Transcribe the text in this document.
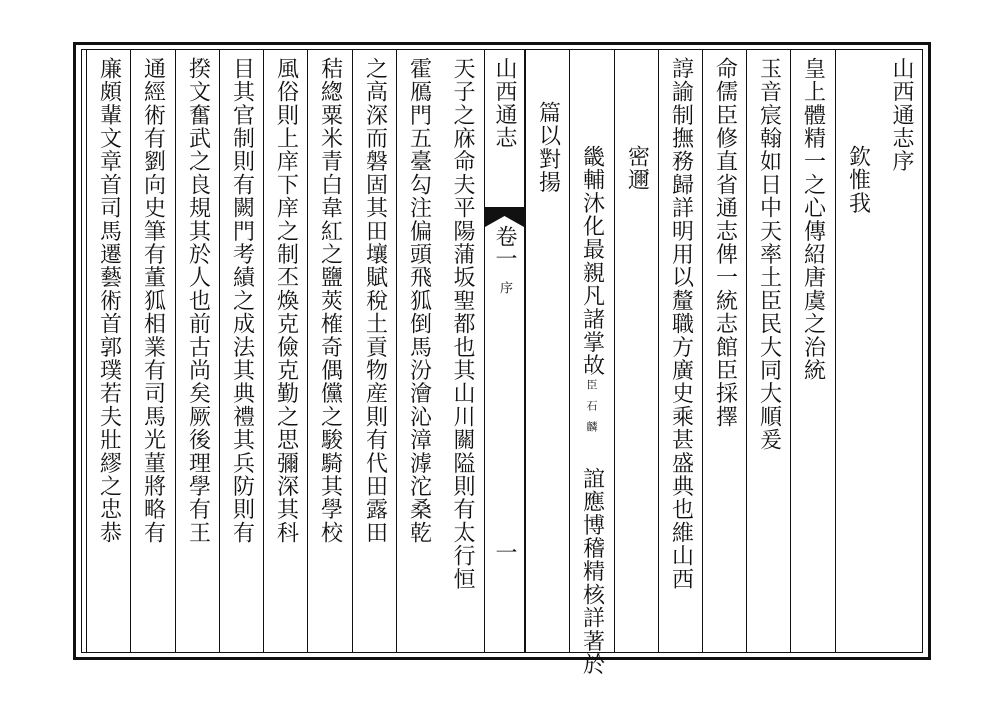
山西通志序
欽惟我
皇上體精一之心傳紹唐虞之治統
玉音宸翰如日中天率土臣民大同大順爰
命儒臣修直省通志俾一統志館臣採擇
諄諭制撫務歸詳明用以釐職方廣史乘甚盛典也維山西
密邇
畿輔沐化最親凡諸掌故
臣石麟
誼應博稽精核詳著於
篇以對揚
山西通志
卷一
序
一
天子之庥命夫平陽蒲坂聖都也其山川關隘則有太行恒
霍鴈門五臺勾注偏頭飛狐倒馬汾澮沁漳滹沱桑乾
之高深而磐固其田壤賦稅土貢物産則有代田露田
秸緫粟米青白韋紅之鹽莢榷奇偶儻之駿騎其學校
風俗則上庠下庠之制丕煥克儉克勤之思彌深其科
目其官制則有闕門考績之成法其典禮其兵防則有
揆文奮武之良規其於人也前古尚矣厥後理學有王
通經術有劉向史筆有董狐相業有司馬光菫將略有
廉頗輩文章首司馬遷藝術首郭璞若夫壯繆之忠恭
